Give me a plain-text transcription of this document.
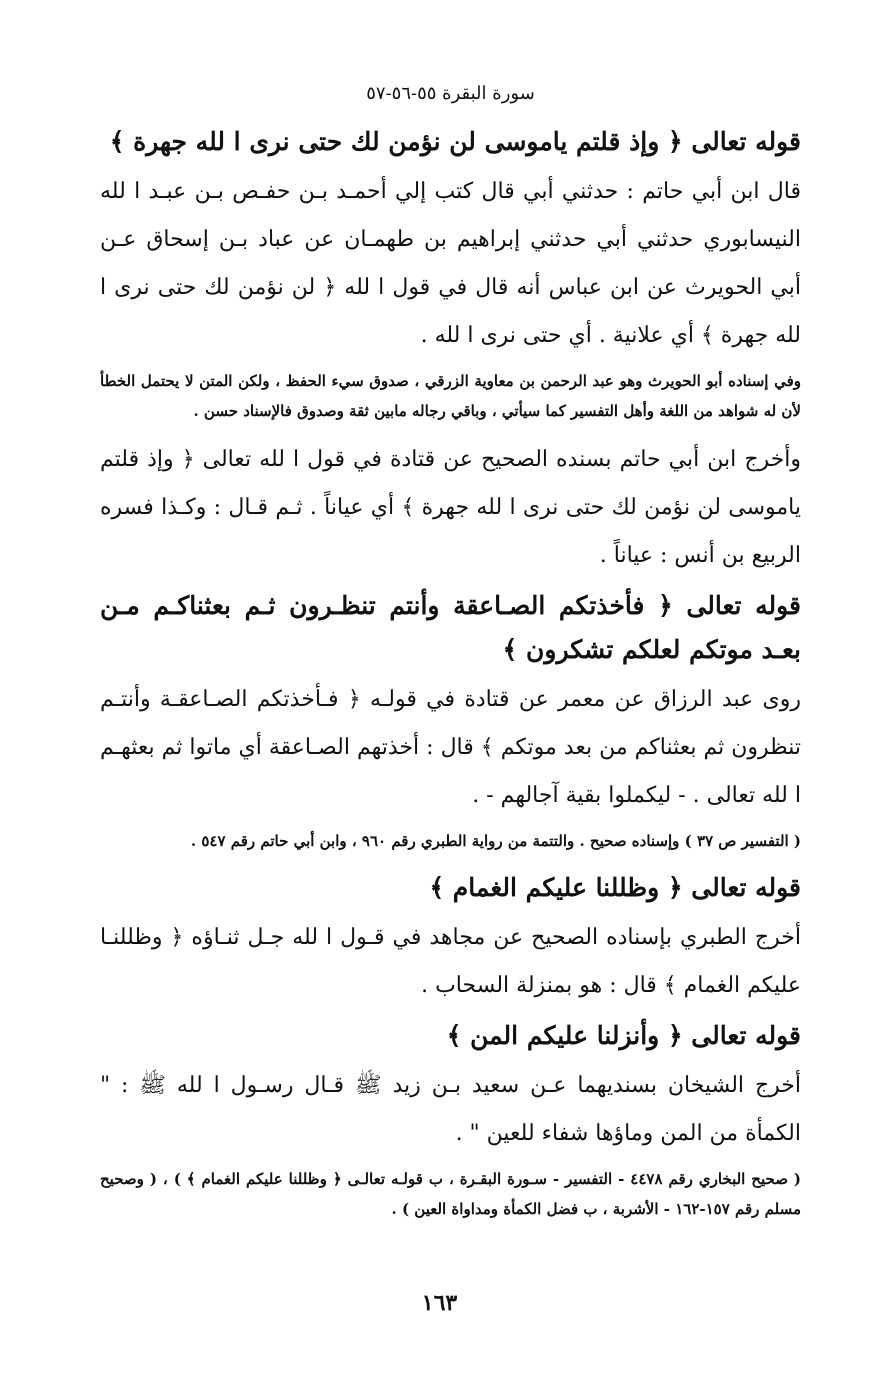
سورة البقرة ٥٥-٥٦-٥٧

قوله تعالى ﴿ وإذ قلتم ياموسى لن نؤمن لك حتى نرى ا لله جهرة ﴾

قال ابن أبي حاتم : حدثني أبي قال كتب إلي أحمـد بـن حفـص بـن عبـد ا لله النيسابوري حدثني أبي حدثني إبراهيم بن طهمـان عن عباد بـن إسحاق عـن أبي الحويرث عن ابن عباس أنه قال في قول ا لله ﴿ لن نؤمن لك حتى نرى ا لله جهرة ﴾ أي علانية . أي حتى نرى ا لله .

وفي إسناده أبو الحويرث وهو عبد الرحمن بن معاوية الزرقي ، صدوق سيء الحفظ ، ولكن المتن لا يحتمل الخطأ لأن له شواهد من اللغة وأهل التفسير كما سيأتي ، وباقي رجاله مابين ثقة وصدوق فالإسناد حسن .

وأخرج ابن أبي حاتم بسنده الصحيح عن قتادة في قول ا لله تعالى ﴿ وإذ قلتم ياموسى لن نؤمن لك حتى نرى ا لله جهرة ﴾ أي عياناً . ثـم قـال : وكـذا فسره الربيع بن أنس : عياناً .

قوله تعالى ﴿ فأخذتكم الصـاعقة وأنتم تنظـرون ثـم بعثناكـم مـن بعـد موتكم لعلكم تشكرون ﴾

روى عبد الرزاق عن معمر عن قتادة في قولـه ﴿ فـأخذتكم الصـاعقـة وأنتـم تنظرون ثم بعثناكم من بعد موتكم ﴾ قال : أخذتهم الصـاعقة أي ماتوا ثم بعثهـم ا لله تعالى . - ليكملوا بقية آجالهم - .

( التفسير ص ٣٧ ) وإسناده صحيح . والتتمة من رواية الطبري رقم ٩٦٠ ، وابن أبي حاتم رقم ٥٤٧ .

قوله تعالى ﴿ وظللنا عليكم الغمام ﴾

أخرج الطبري بإسناده الصحيح عن مجاهد في قـول ا لله جـل ثنـاؤه ﴿ وظللنـا عليكم الغمام ﴾ قال : هو بمنزلة السحاب .

قوله تعالى ﴿ وأنزلنا عليكم المن ﴾

أخرج الشيخان بسنديهما عـن سعيد بـن زيد ﷺ قـال رسـول ا لله ﷺ : " الكمأة من المن وماؤها شفاء للعين " .

( صحيح البخاري رقم ٤٤٧٨ - التفسير - سـورة البقـرة ، ب قولـه تعالـى ﴿ وظللنا عليكم الغمام ﴾ ) ، ( وصحيح مسلم رقم ١٥٧-١٦٢ - الأشربة ، ب فضل الكمأة ومداواة العين ) .

١٦٣
